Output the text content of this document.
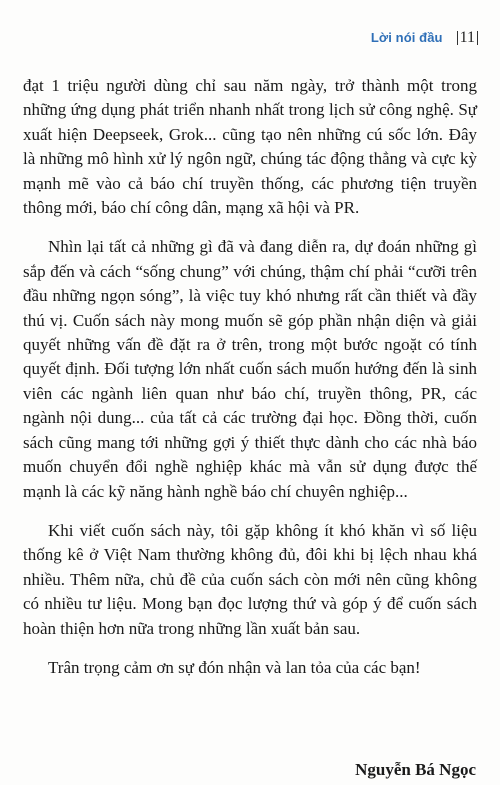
Lời nói đầu 11

đạt 1 triệu người dùng chỉ sau năm ngày, trở thành một trong những ứng dụng phát triển nhanh nhất trong lịch sử công nghệ. Sự xuất hiện Deepseek, Grok... cũng tạo nên những cú sốc lớn. Đây là những mô hình xử lý ngôn ngữ, chúng tác động thẳng và cực kỳ mạnh mẽ vào cả báo chí truyền thống, các phương tiện truyền thông mới, báo chí công dân, mạng xã hội và PR.

Nhìn lại tất cả những gì đã và đang diễn ra, dự đoán những gì sắp đến và cách “sống chung” với chúng, thậm chí phải “cưỡi trên đầu những ngọn sóng”, là việc tuy khó nhưng rất cần thiết và đầy thú vị. Cuốn sách này mong muốn sẽ góp phần nhận diện và giải quyết những vấn đề đặt ra ở trên, trong một bước ngoặt có tính quyết định. Đối tượng lớn nhất cuốn sách muốn hướng đến là sinh viên các ngành liên quan như báo chí, truyền thông, PR, các ngành nội dung... của tất cả các trường đại học. Đồng thời, cuốn sách cũng mang tới những gợi ý thiết thực dành cho các nhà báo muốn chuyển đổi nghề nghiệp khác mà vẫn sử dụng được thế mạnh là các kỹ năng hành nghề báo chí chuyên nghiệp...

Khi viết cuốn sách này, tôi gặp không ít khó khăn vì số liệu thống kê ở Việt Nam thường không đủ, đôi khi bị lệch nhau khá nhiều. Thêm nữa, chủ đề của cuốn sách còn mới nên cũng không có nhiều tư liệu. Mong bạn đọc lượng thứ và góp ý để cuốn sách hoàn thiện hơn nữa trong những lần xuất bản sau.

Trân trọng cảm ơn sự đón nhận và lan tỏa của các bạn!

Nguyễn Bá Ngọc
